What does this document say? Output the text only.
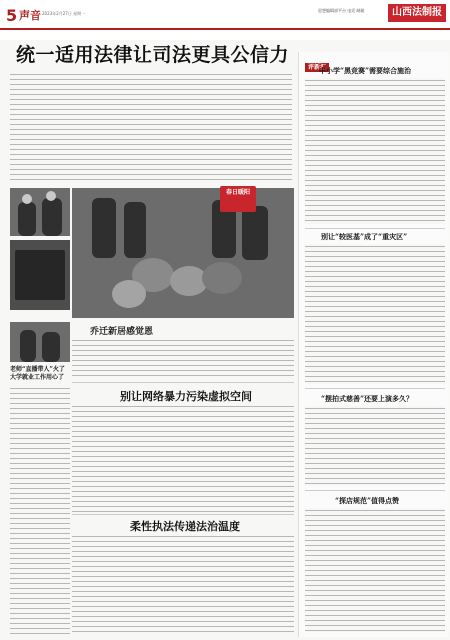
5 声音 2023年2月27日 星期一
思想编辑部平台 电话 邮箱	山西法制报
统一适用法律让司法更具公信力
春日暖阳
乔迁新居感觉恩
老师“直播带人”火了 大学就业工作用心了
别让网络暴力污染虚拟空间
柔性执法传递法治温度
评新汇
中小学“黑竞赛”需要综合施治
别让“较医基”成了“重灾区”
“摆拍式慈善”还要上演多久？
“探店规范”值得点赞
